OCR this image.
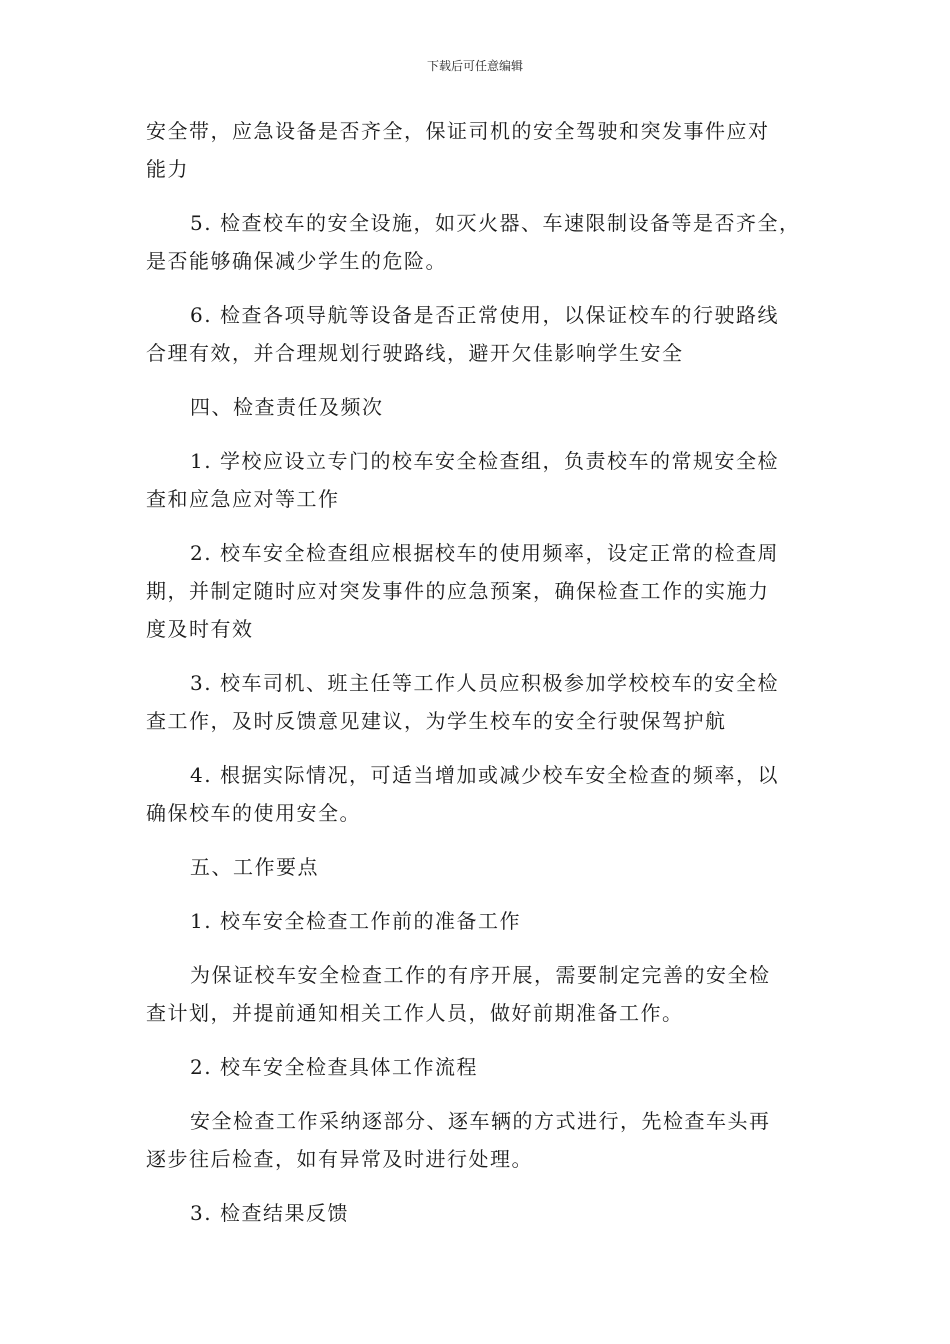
下载后可任意编辑

安全带，应急设备是否齐全，保证司机的安全驾驶和突发事件应对
能力

5. 检查校车的安全设施，如灭火器、车速限制设备等是否齐全，
是否能够确保减少学生的危险。

6. 检查各项导航等设备是否正常使用，以保证校车的行驶路线
合理有效，并合理规划行驶路线，避开欠佳影响学生安全

四、检查责任及频次

1. 学校应设立专门的校车安全检查组，负责校车的常规安全检
查和应急应对等工作

2. 校车安全检查组应根据校车的使用频率，设定正常的检查周
期，并制定随时应对突发事件的应急预案，确保检查工作的实施力
度及时有效

3. 校车司机、班主任等工作人员应积极参加学校校车的安全检
查工作，及时反馈意见建议，为学生校车的安全行驶保驾护航

4. 根据实际情况，可适当增加或减少校车安全检查的频率，以
确保校车的使用安全。

五、工作要点

1. 校车安全检查工作前的准备工作

为保证校车安全检查工作的有序开展，需要制定完善的安全检
查计划，并提前通知相关工作人员，做好前期准备工作。

2. 校车安全检查具体工作流程

安全检查工作采纳逐部分、逐车辆的方式进行，先检查车头再
逐步往后检查，如有异常及时进行处理。

3. 检查结果反馈
